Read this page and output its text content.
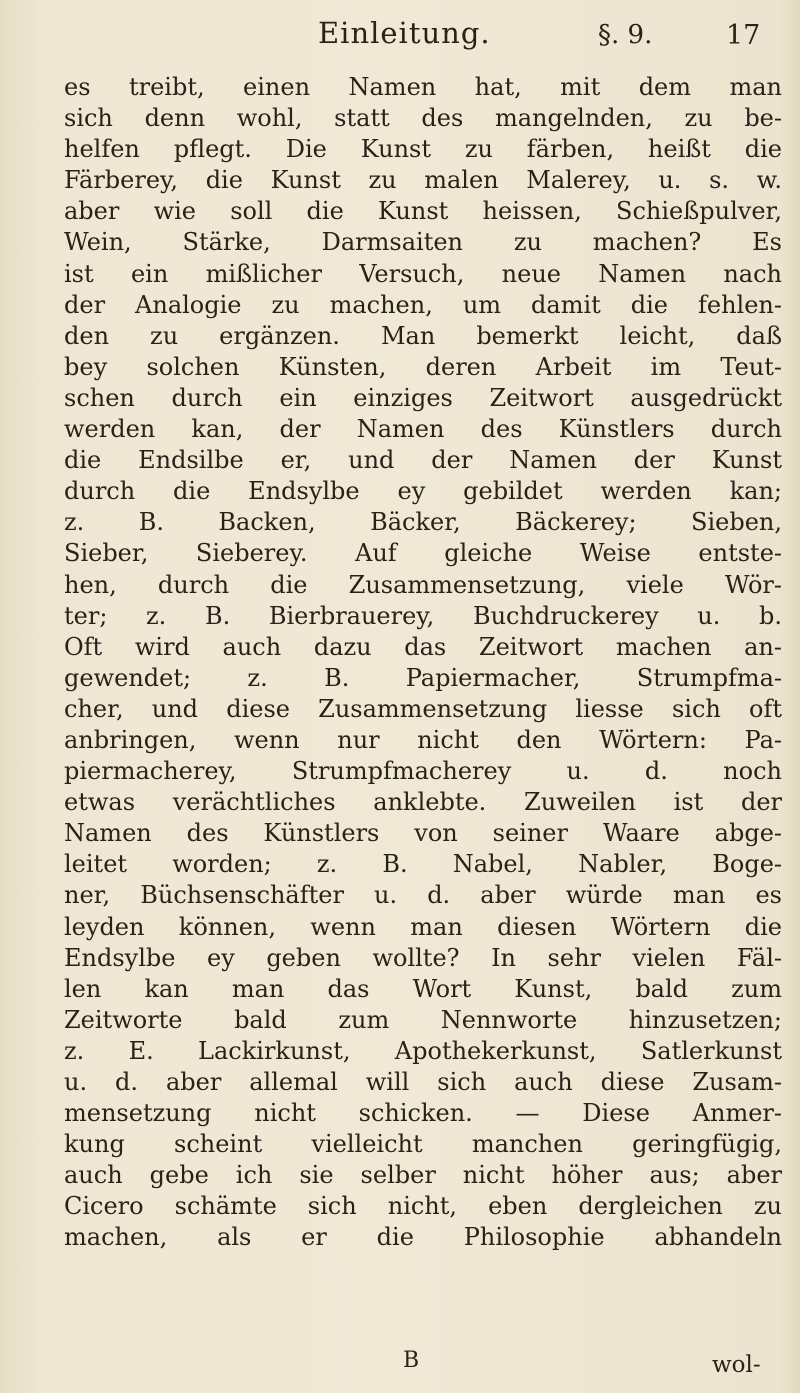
Einleitung.	§. 9.	17
es treibt, einen Namen hat, mit dem man
sich denn wohl, statt des mangelnden, zu be-
helfen pflegt. Die Kunst zu färben, heißt die
Färberey, die Kunst zu malen Malerey, u. s. w.
aber wie soll die Kunst heissen, Schießpulver,
Wein, Stärke, Darmsaiten zu machen? Es
ist ein mißlicher Versuch, neue Namen nach
der Analogie zu machen, um damit die fehlen-
den zu ergänzen. Man bemerkt leicht, daß
bey solchen Künsten, deren Arbeit im Teut-
schen durch ein einziges Zeitwort ausgedrückt
werden kan, der Namen des Künstlers durch
die Endsilbe er, und der Namen der Kunst
durch die Endsylbe ey gebildet werden kan;
z. B. Backen, Bäcker, Bäckerey; Sieben,
Sieber, Sieberey. Auf gleiche Weise entste-
hen, durch die Zusammensetzung, viele Wör-
ter; z. B. Bierbrauerey, Buchdruckerey u. b.
Oft wird auch dazu das Zeitwort machen an-
gewendet; z. B. Papiermacher, Strumpfma-
cher, und diese Zusammensetzung liesse sich oft
anbringen, wenn nur nicht den Wörtern: Pa-
piermacherey, Strumpfmacherey u. d. noch
etwas verächtliches anklebte. Zuweilen ist der
Namen des Künstlers von seiner Waare abge-
leitet worden; z. B. Nabel, Nabler, Boge-
ner, Büchsenschäfter u. d. aber würde man es
leyden können, wenn man diesen Wörtern die
Endsylbe ey geben wollte? In sehr vielen Fäl-
len kan man das Wort Kunst, bald zum
Zeitworte bald zum Nennworte hinzusetzen;
z. E. Lackirkunst, Apothekerkunst, Satlerkunst
u. d. aber allemal will sich auch diese Zusam-
mensetzung nicht schicken. — Diese Anmer-
kung scheint vielleicht manchen geringfügig,
auch gebe ich sie selber nicht höher aus; aber
Cicero schämte sich nicht, eben dergleichen zu
machen, als er die Philosophie abhandeln
B	wol-
